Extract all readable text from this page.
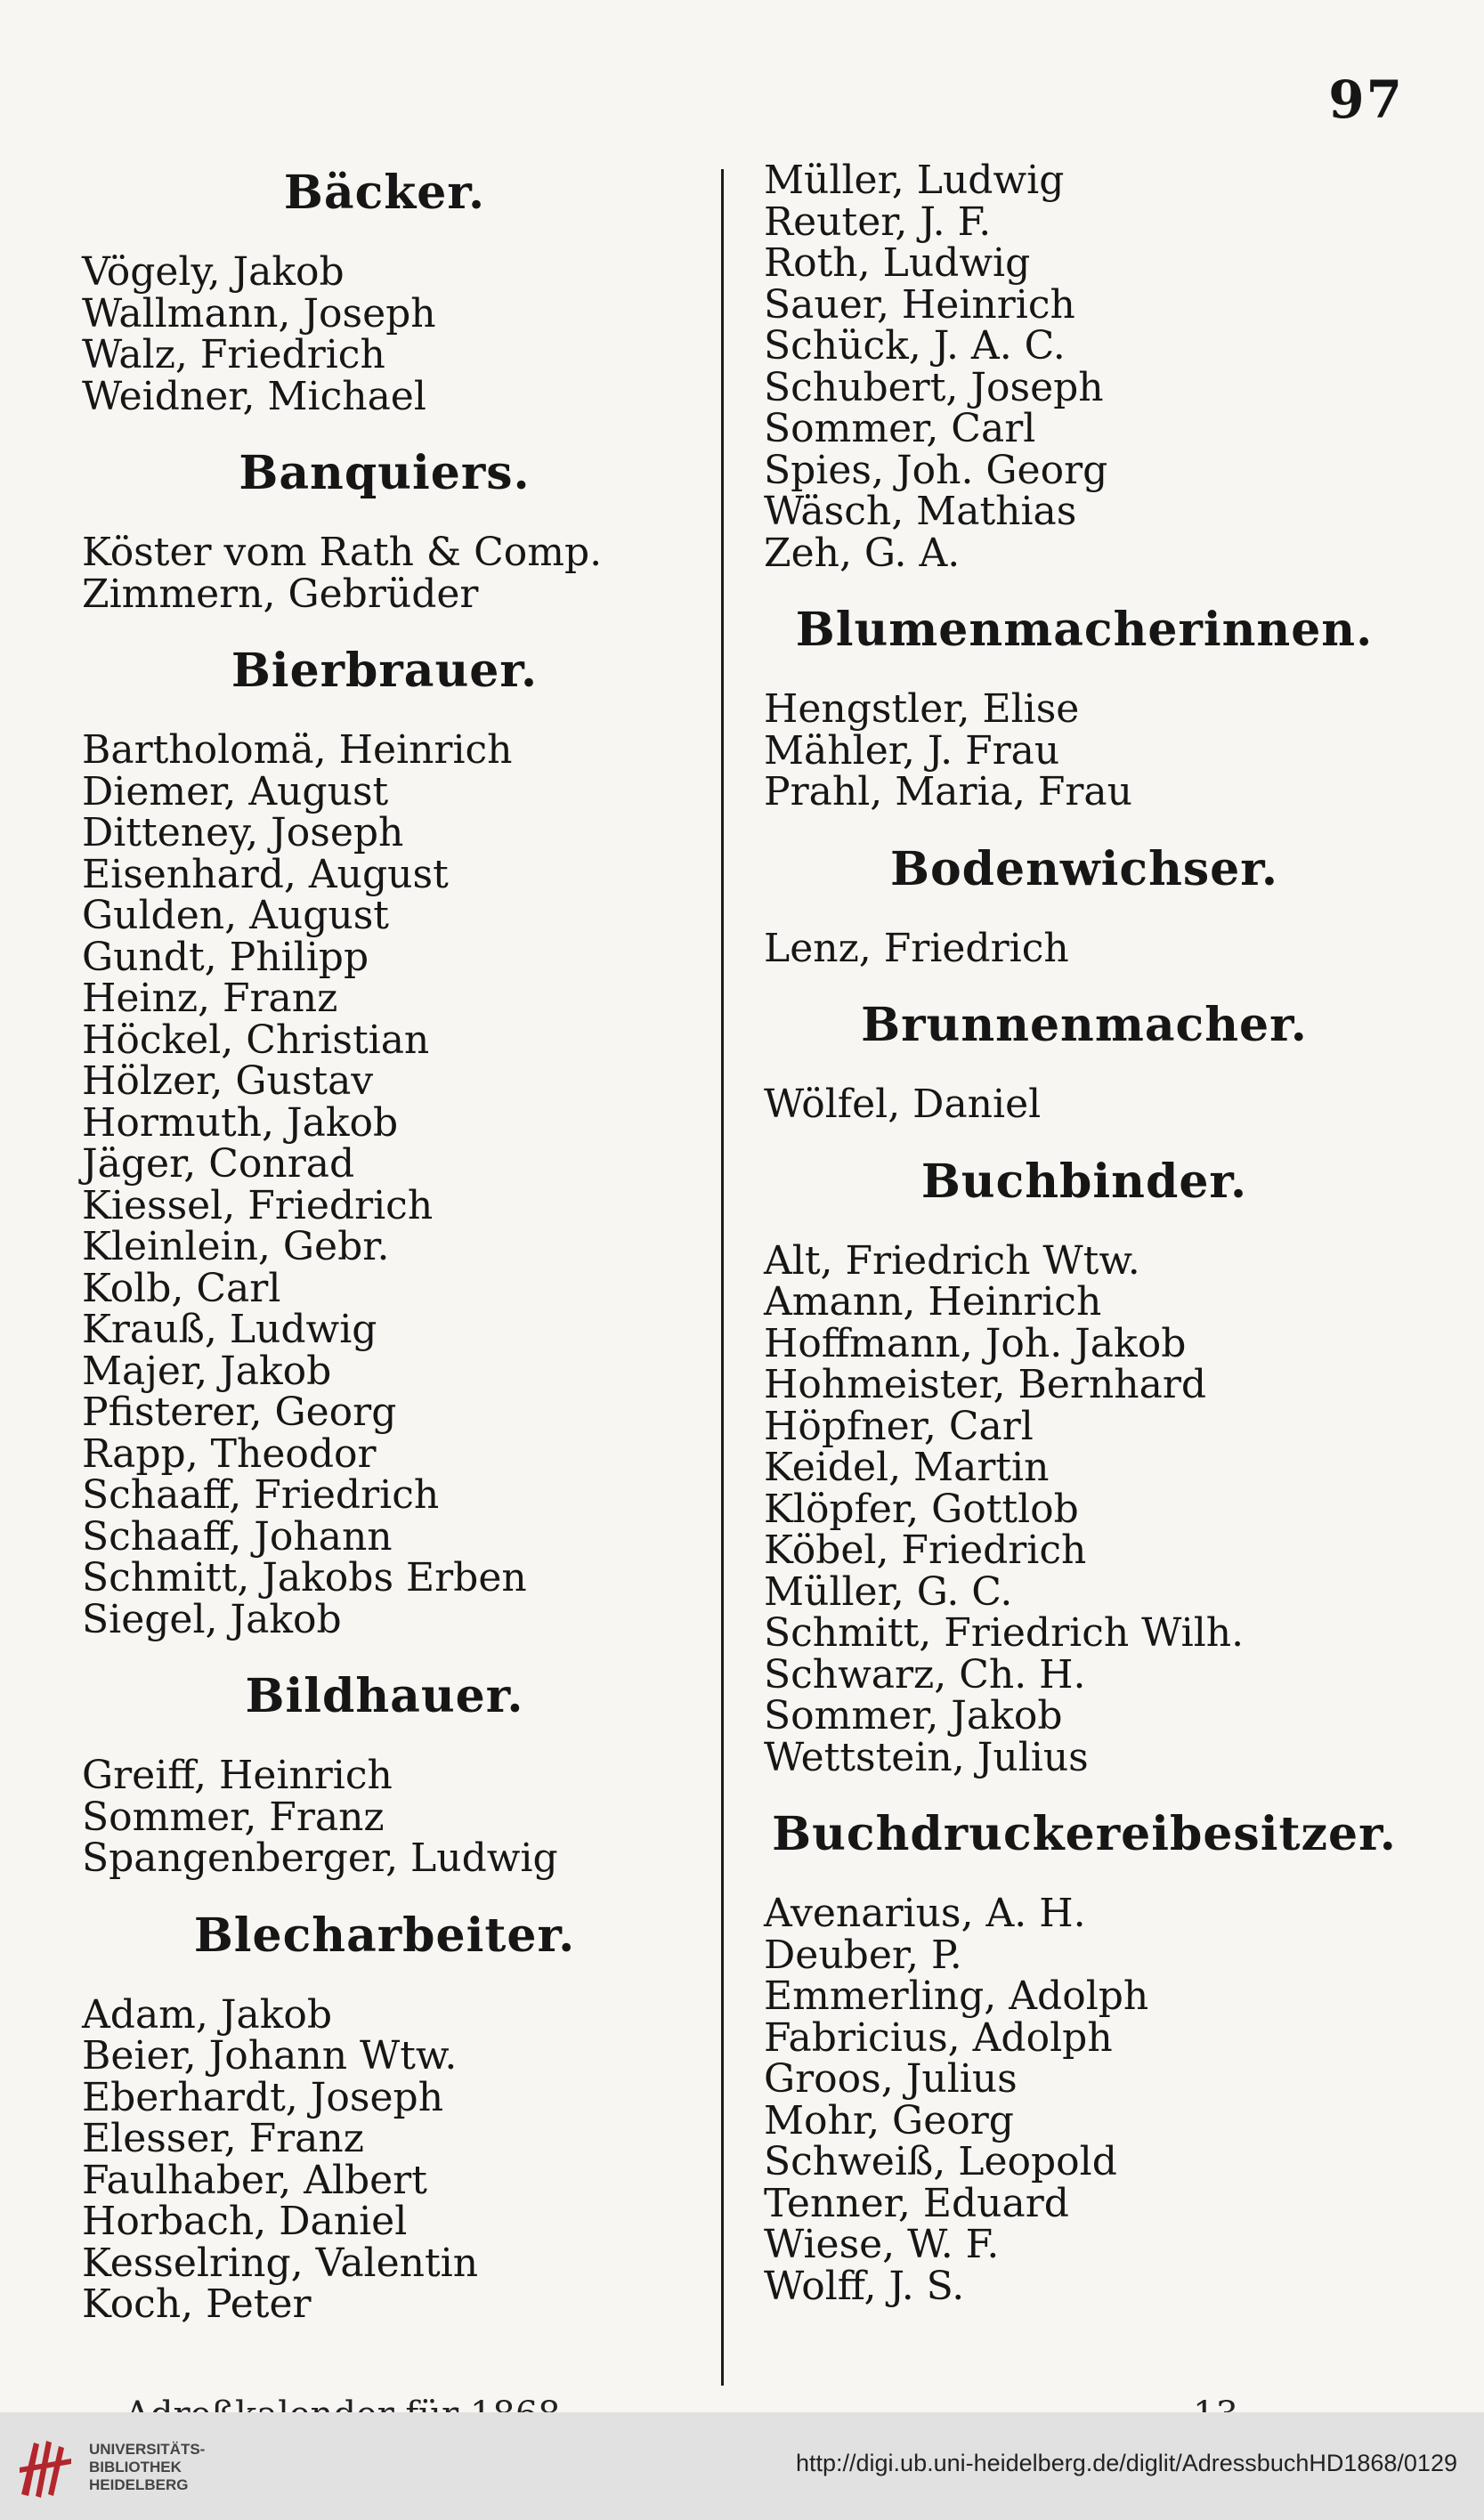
97
Bäcker.
Vögely, Jakob
Wallmann, Joseph
Walz, Friedrich
Weidner, Michael
Banquiers.
Köster vom Rath & Comp.
Zimmern, Gebrüder
Bierbrauer.
Bartholomä, Heinrich
Diemer, August
Ditteney, Joseph
Eisenhard, August
Gulden, August
Gundt, Philipp
Heinz, Franz
Höckel, Christian
Hölzer, Gustav
Hormuth, Jakob
Jäger, Conrad
Kiessel, Friedrich
Kleinlein, Gebr.
Kolb, Carl
Krauß, Ludwig
Majer, Jakob
Pfisterer, Georg
Rapp, Theodor
Schaaff, Friedrich
Schaaff, Johann
Schmitt, Jakobs Erben
Siegel, Jakob
Bildhauer.
Greiff, Heinrich
Sommer, Franz
Spangenberger, Ludwig
Blecharbeiter.
Adam, Jakob
Beier, Johann Wtw.
Eberhardt, Joseph
Elesser, Franz
Faulhaber, Albert
Horbach, Daniel
Kesselring, Valentin
Koch, Peter
Müller, Ludwig
Reuter, J. F.
Roth, Ludwig
Sauer, Heinrich
Schück, J. A. C.
Schubert, Joseph
Sommer, Carl
Spies, Joh. Georg
Wäsch, Mathias
Zeh, G. A.
Blumenmacherinnen.
Hengstler, Elise
Mähler, J. Frau
Prahl, Maria, Frau
Bodenwichser.
Lenz, Friedrich
Brunnenmacher.
Wölfel, Daniel
Buchbinder.
Alt, Friedrich Wtw.
Amann, Heinrich
Hoffmann, Joh. Jakob
Hohmeister, Bernhard
Höpfner, Carl
Keidel, Martin
Klöpfer, Gottlob
Köbel, Friedrich
Müller, G. C.
Schmitt, Friedrich Wilh.
Schwarz, Ch. H.
Sommer, Jakob
Wettstein, Julius
Buchdruckereibesitzer.
Avenarius, A. H.
Deuber, P.
Emmerling, Adolph
Fabricius, Adolph
Groos, Julius
Mohr, Georg
Schweiß, Leopold
Tenner, Eduard
Wiese, W. F.
Wolff, J. S.
UNIVERSITÄTS-
BIBLIOTHEK
HEIDELBERG
http://digi.ub.uni-heidelberg.de/diglit/AdressbuchHD1868/0129
